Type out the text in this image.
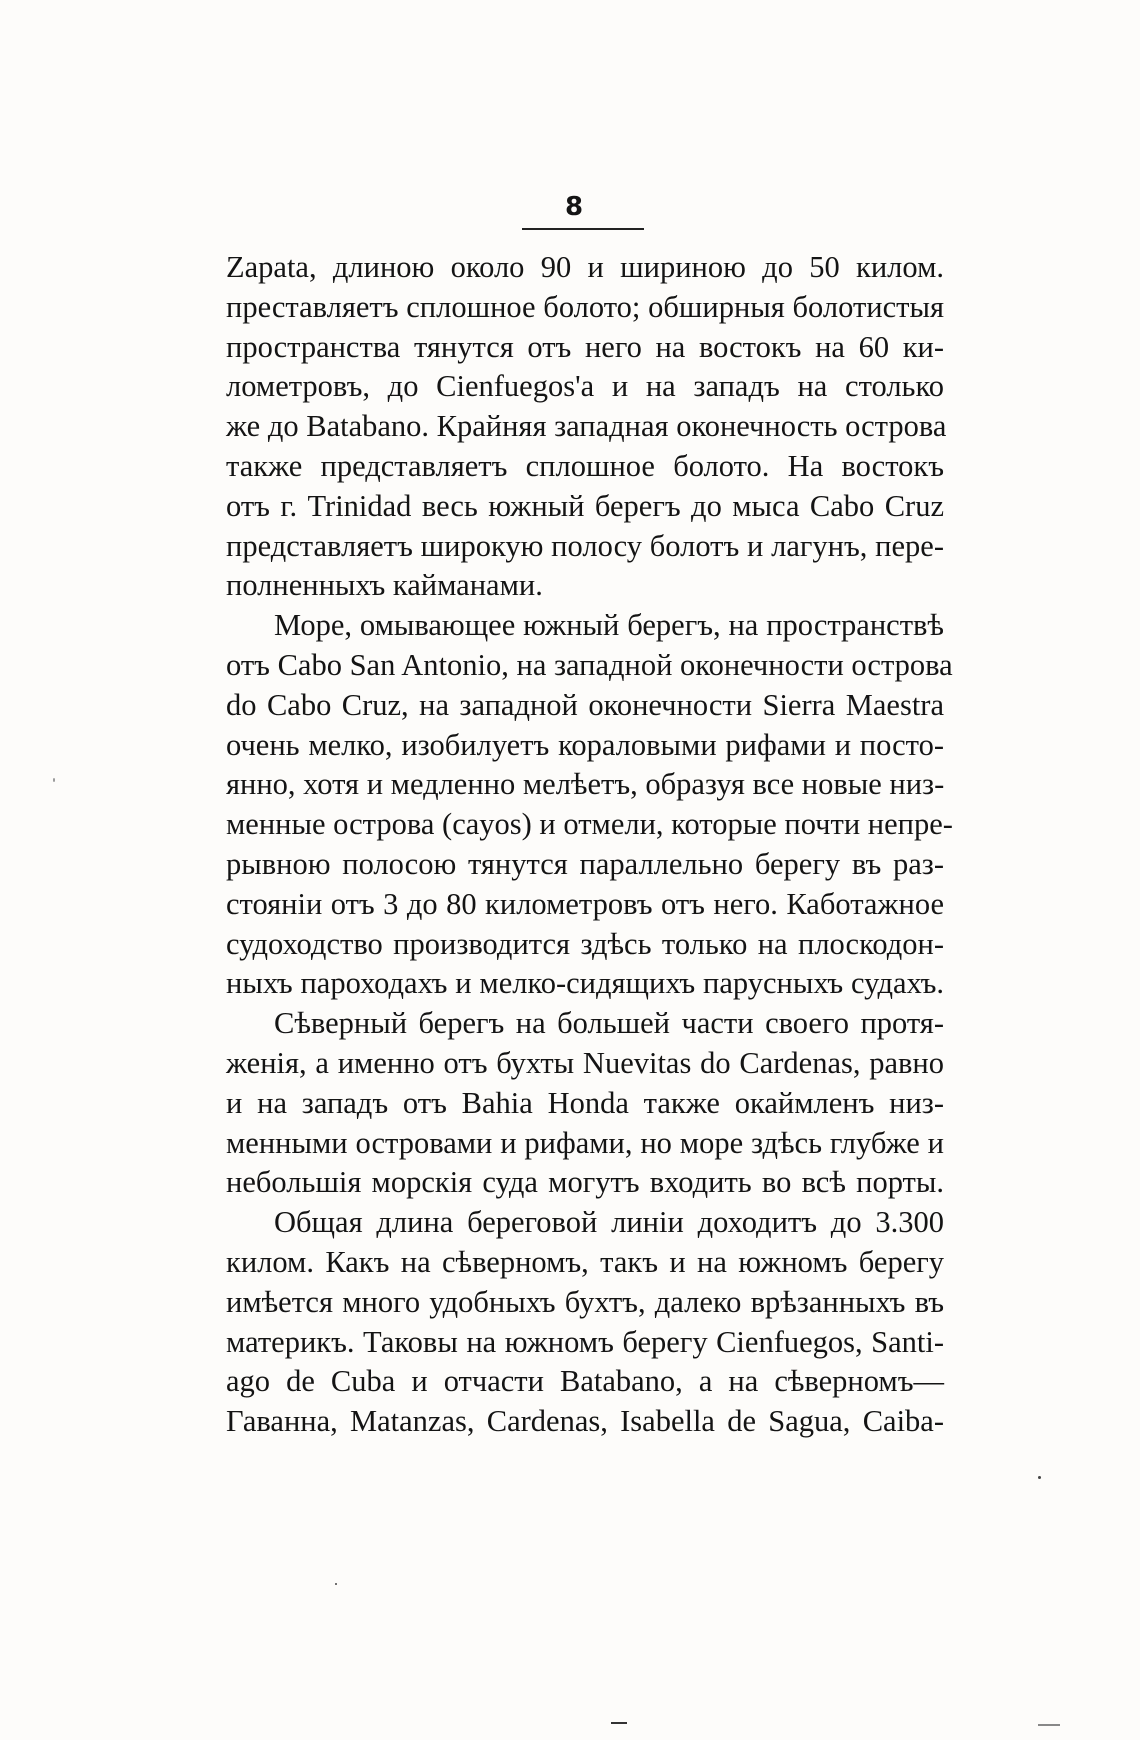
8
Zapata, длиною около 90 и шириною до 50 килом.
преставляетъ сплошное болото; обширныя болотистыя
пространства тянутся отъ него на востокъ на 60 ки-
лометровъ, до Cienfuegos'а и на западъ на столько
же до Batabano. Крайняя западная оконечность острова
также представляетъ сплошное болото. На востокъ
отъ г. Trinidad весь южный берегъ до мыса Cabo Cruz
представляетъ широкую полосу болотъ и лагунъ, пере-
полненныхъ кайманами.
Море, омывающее южный берегъ, на пространствѣ
отъ Cabo San Antonio, на западной оконечности острова
do Cabo Cruz, на западной оконечности Sierra Maestra
очень мелко, изобилуетъ кораловыми рифами и посто-
янно, хотя и медленно мелѣетъ, образуя все новые низ-
менные острова (cayos) и отмели, которые почти непре-
рывною полосою тянутся параллельно берегу въ раз-
стоянiи отъ 3 до 80 километровъ отъ него. Каботажное
судоходство производится здѣсь только на плоскодон-
ныхъ пароходахъ и мелко-сидящихъ парусныхъ судахъ.
Сѣверный берегъ на большей части своего протя-
женiя, а именно отъ бухты Nuevitas do Cardenas, равно
и на западъ отъ Bahia Honda также окаймленъ низ-
менными островами и рифами, но море здѣсь глубже и
небольшiя морскiя суда могутъ входить во всѣ порты.
Общая длина береговой линiи доходитъ до 3.300
килом. Какъ на сѣверномъ, такъ и на южномъ берегу
имѣется много удобныхъ бухтъ, далеко врѣзанныхъ въ
материкъ. Таковы на южномъ берегу Cienfuegos, Santi-
ago de Cuba и отчасти Batabano, а на сѣверномъ—
Гаванна, Matanzas, Cardenas, Isabella de Sagua, Caiba-
